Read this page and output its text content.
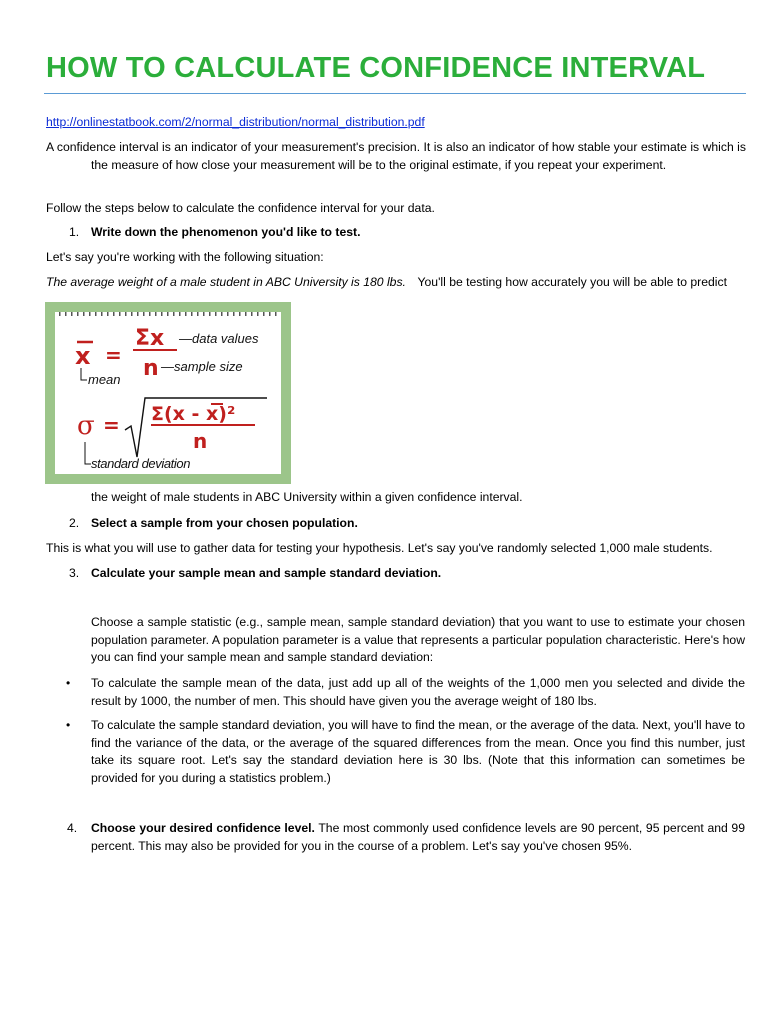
HOW TO CALCULATE CONFIDENCE INTERVAL
http://onlinestatbook.com/2/normal_distribution/normal_distribution.pdf
A confidence interval is an indicator of your measurement's precision. It is also an indicator of how stable your estimate is which is the measure of how close your measurement will be to the original estimate, if you repeat your experiment.
Follow the steps below to calculate the confidence interval for your data.
1. Write down the phenomenon you'd like to test.
Let's say you're working with the following situation:
The average weight of a male student in ABC University is 180 lbs. You'll be testing how accurately you will be able to predict
Σx —data values
x =
n —sample size
mean
σ = Σ(x - x)²
n
standard deviation
the weight of male students in ABC University within a given confidence interval.
2. Select a sample from your chosen population.
This is what you will use to gather data for testing your hypothesis. Let's say you've randomly selected 1,000 male students.
3. Calculate your sample mean and sample standard deviation.
Choose a sample statistic (e.g., sample mean, sample standard deviation) that you want to use to estimate your chosen population parameter. A population parameter is a value that represents a particular population characteristic. Here's how you can find your sample mean and sample standard deviation:
• To calculate the sample mean of the data, just add up all of the weights of the 1,000 men you selected and divide the result by 1000, the number of men. This should have given you the average weight of 180 lbs.
• To calculate the sample standard deviation, you will have to find the mean, or the average of the data. Next, you'll have to find the variance of the data, or the average of the squared differences from the mean. Once you find this number, just take its square root. Let's say the standard deviation here is 30 lbs. (Note that this information can sometimes be provided for you during a statistics problem.)
4. Choose your desired confidence level. The most commonly used confidence levels are 90 percent, 95 percent and 99 percent. This may also be provided for you in the course of a problem. Let's say you've chosen 95%.
